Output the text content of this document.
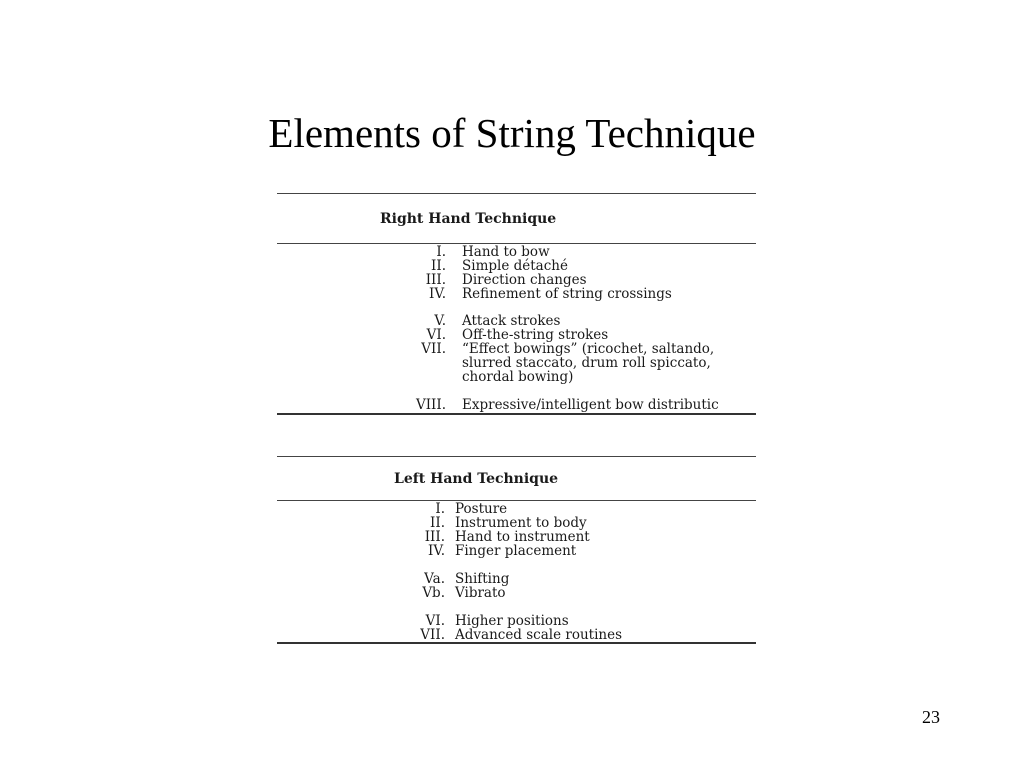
Elements of String Technique
Right Hand Technique
I. Hand to bow
II. Simple détaché
III. Direction changes
IV. Refinement of string crossings
V. Attack strokes
VI. Off-the-string strokes
VII. “Effect bowings” (ricochet, saltando,
slurred staccato, drum roll spiccato,
chordal bowing)
VIII. Expressive/intelligent bow distributic
Left Hand Technique
I. Posture
II. Instrument to body
III. Hand to instrument
IV. Finger placement
Va. Shifting
Vb. Vibrato
VI. Higher positions
VII. Advanced scale routines
23
